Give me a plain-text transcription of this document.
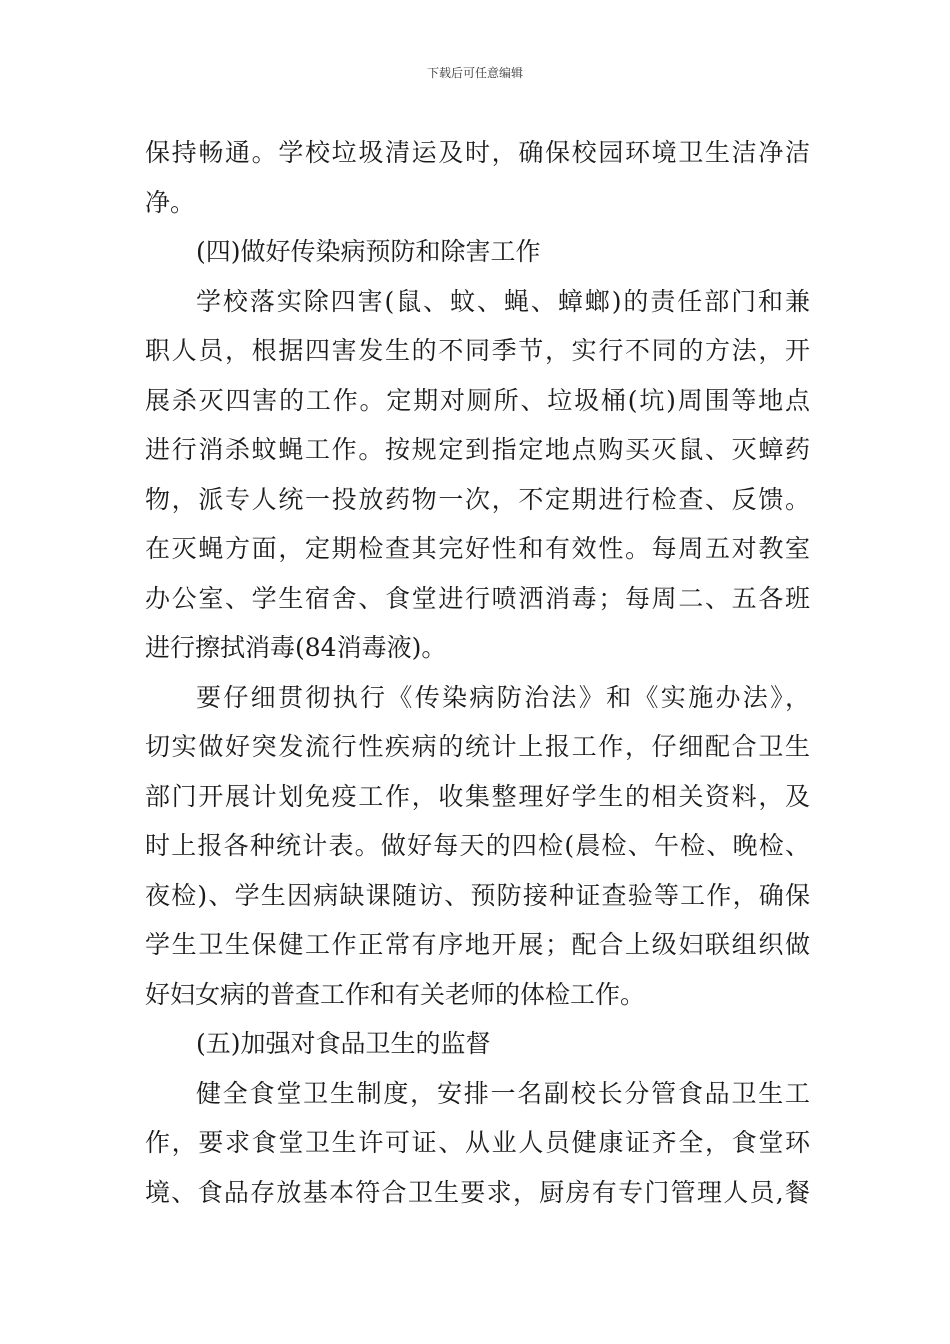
下载后可任意编辑
保持畅通。学校垃圾清运及时，确保校园环境卫生洁净洁
净。
(四)做好传染病预防和除害工作
学校落实除四害(鼠、蚊、蝇、蟑螂)的责任部门和兼
职人员，根据四害发生的不同季节，实行不同的方法，开
展杀灭四害的工作。定期对厕所、垃圾桶(坑)周围等地点
进行消杀蚊蝇工作。按规定到指定地点购买灭鼠、灭蟑药
物，派专人统一投放药物一次，不定期进行检查、反馈。
在灭蝇方面，定期检查其完好性和有效性。每周五对教室
办公室、学生宿舍、食堂进行喷洒消毒；每周二、五各班
进行擦拭消毒(84消毒液)。
要仔细贯彻执行《传染病防治法》和《实施办法》，
切实做好突发流行性疾病的统计上报工作，仔细配合卫生
部门开展计划免疫工作，收集整理好学生的相关资料，及
时上报各种统计表。做好每天的四检(晨检、午检、晚检、
夜检)、学生因病缺课随访、预防接种证查验等工作，确保
学生卫生保健工作正常有序地开展；配合上级妇联组织做
好妇女病的普查工作和有关老师的体检工作。
(五)加强对食品卫生的监督
健全食堂卫生制度，安排一名副校长分管食品卫生工
作，要求食堂卫生许可证、从业人员健康证齐全，食堂环
境、食品存放基本符合卫生要求，厨房有专门管理人员,餐
